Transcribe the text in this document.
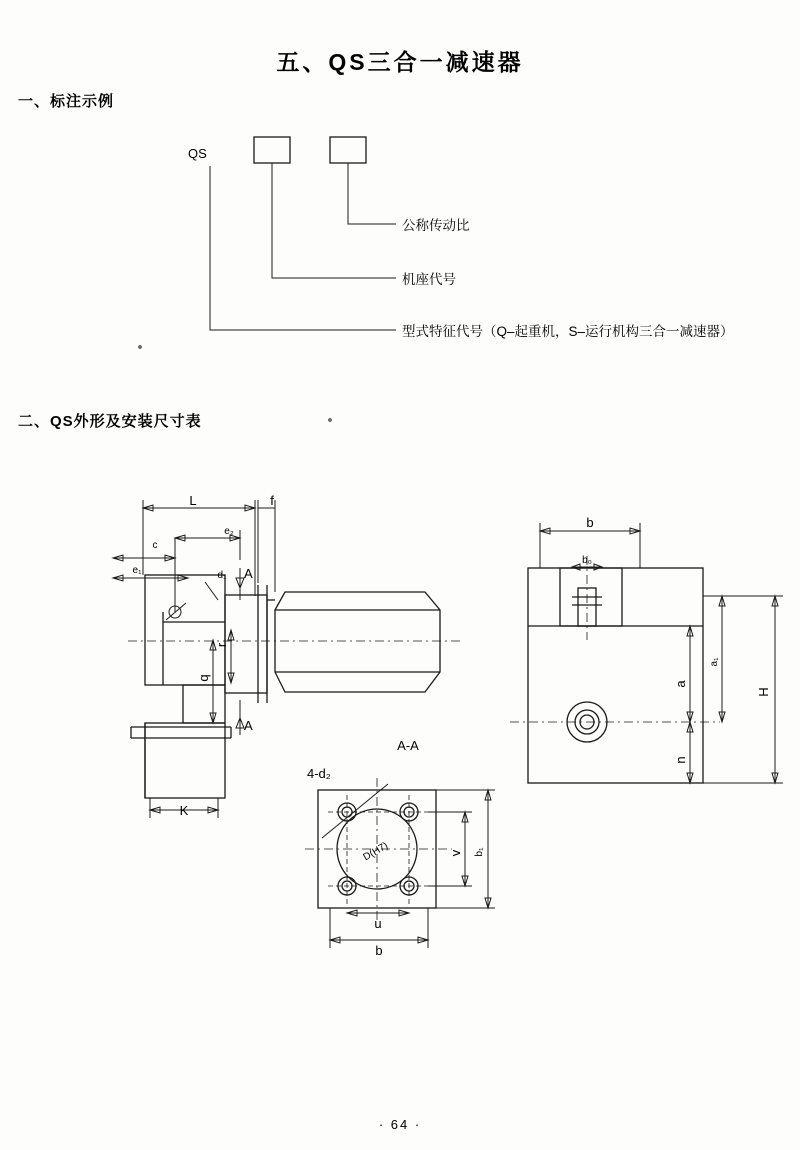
五、QS三合一减速器
一、标注示例
二、QS外形及安装尺寸表
· 64 ·
QS
公称传动比
机座代号
型式特征代号（Q–起重机，S–运行机构三合一减速器）
A
A
L	f
e₂
c
e₁	d₁
r
q
K
b
b₀
a
a₁
n
H
A-A
4-d₂
D(H7)	v b₁
u
b
